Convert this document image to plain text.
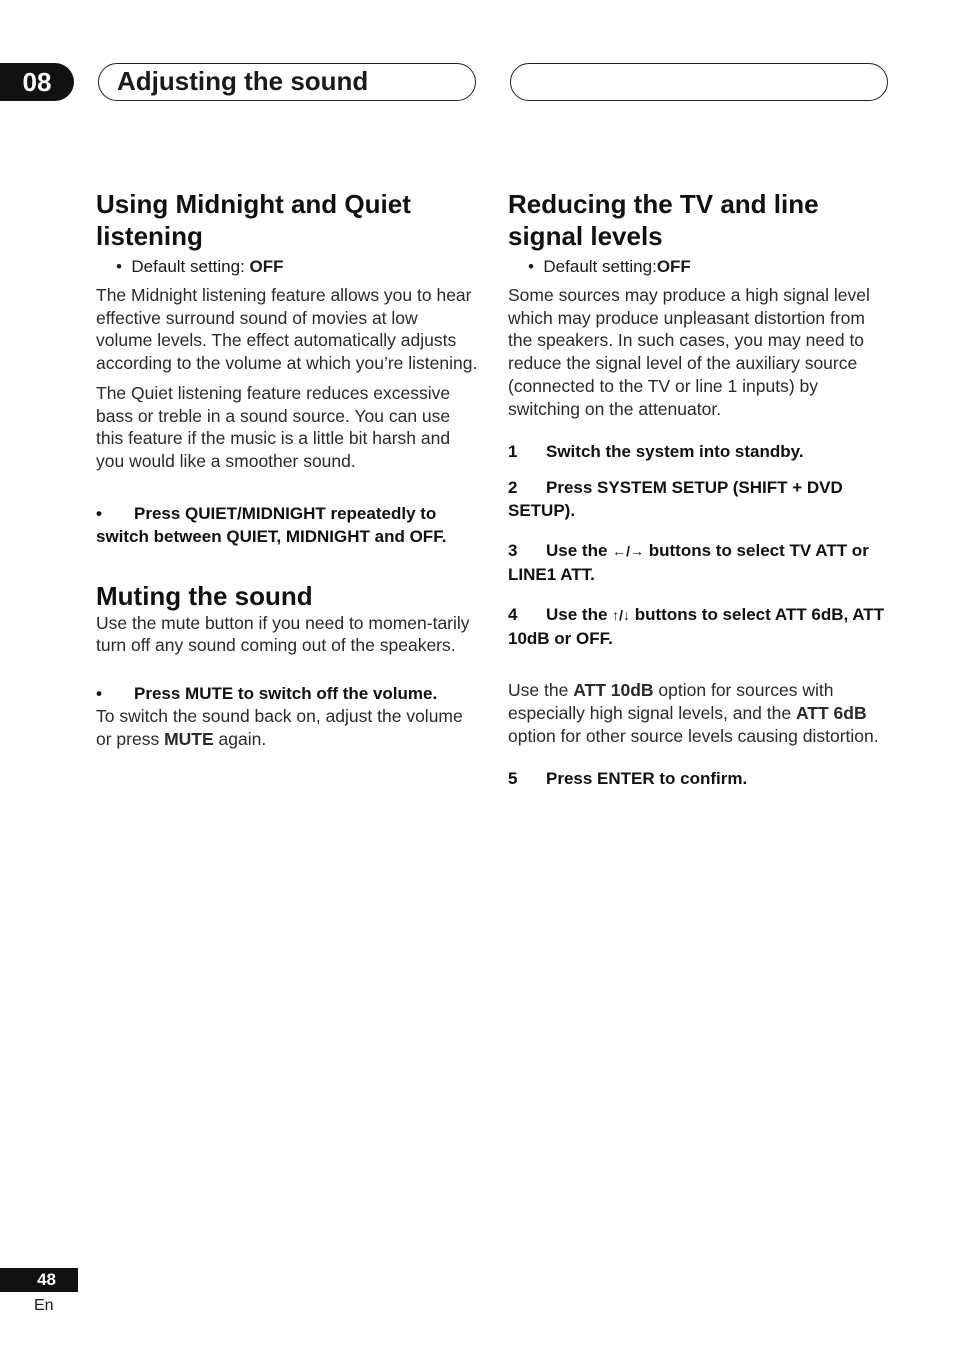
08	Adjusting the sound
Using Midnight and Quiet
listening
• Default setting: OFF

The Midnight listening feature allows you to hear effective surround sound of movies at low volume levels. The effect automatically adjusts according to the volume at which you’re listening.

The Quiet listening feature reduces excessive bass or treble in a sound source. You can use this feature if the music is a little bit harsh and you would like a smoother sound.

• Press QUIET/MIDNIGHT repeatedly to switch between QUIET, MIDNIGHT and OFF.
Muting the sound

Use the mute button if you need to momen-tarily turn off any sound coming out of the speakers.

• Press MUTE to switch off the volume.

To switch the sound back on, adjust the volume or press MUTE again.

Reducing the TV and line
signal levels
• Default setting:OFF

Some sources may produce a high signal level which may produce unpleasant distortion from the speakers. In such cases, you may need to reduce the signal level of the auxiliary source (connected to the TV or line 1 inputs) by switching on the attenuator.

1 Switch the system into standby.
2 Press SYSTEM SETUP (SHIFT + DVD SETUP).
3 Use the ←/→ buttons to select TV ATT or LINE1 ATT.
4 Use the ↑/↓ buttons to select ATT 6dB, ATT 10dB or OFF.

Use the ATT 10dB option for sources with especially high signal levels, and the ATT 6dB option for other source levels causing distortion.

5 Press ENTER to confirm.
48
En
